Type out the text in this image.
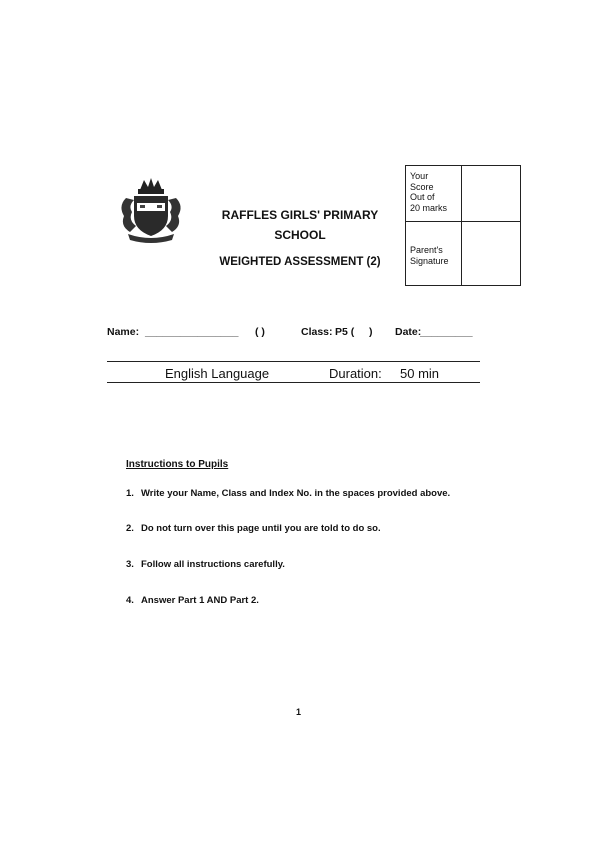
RAFFLES GIRLS' PRIMARY
SCHOOL
WEIGHTED ASSESSMENT (2)
Your
Score
Out of
20 marks
Parent's
Signature
Name: ________________ ( )	Class: P5 ( ) Date:
_________
English Language	Duration: 50 min
Instructions to Pupils
1. Write your Name, Class and Index No. in the spaces provided above.
2. Do not turn over this page until you are told to do so.
3. Follow all instructions carefully.
4. Answer Part 1 AND Part 2.
1
